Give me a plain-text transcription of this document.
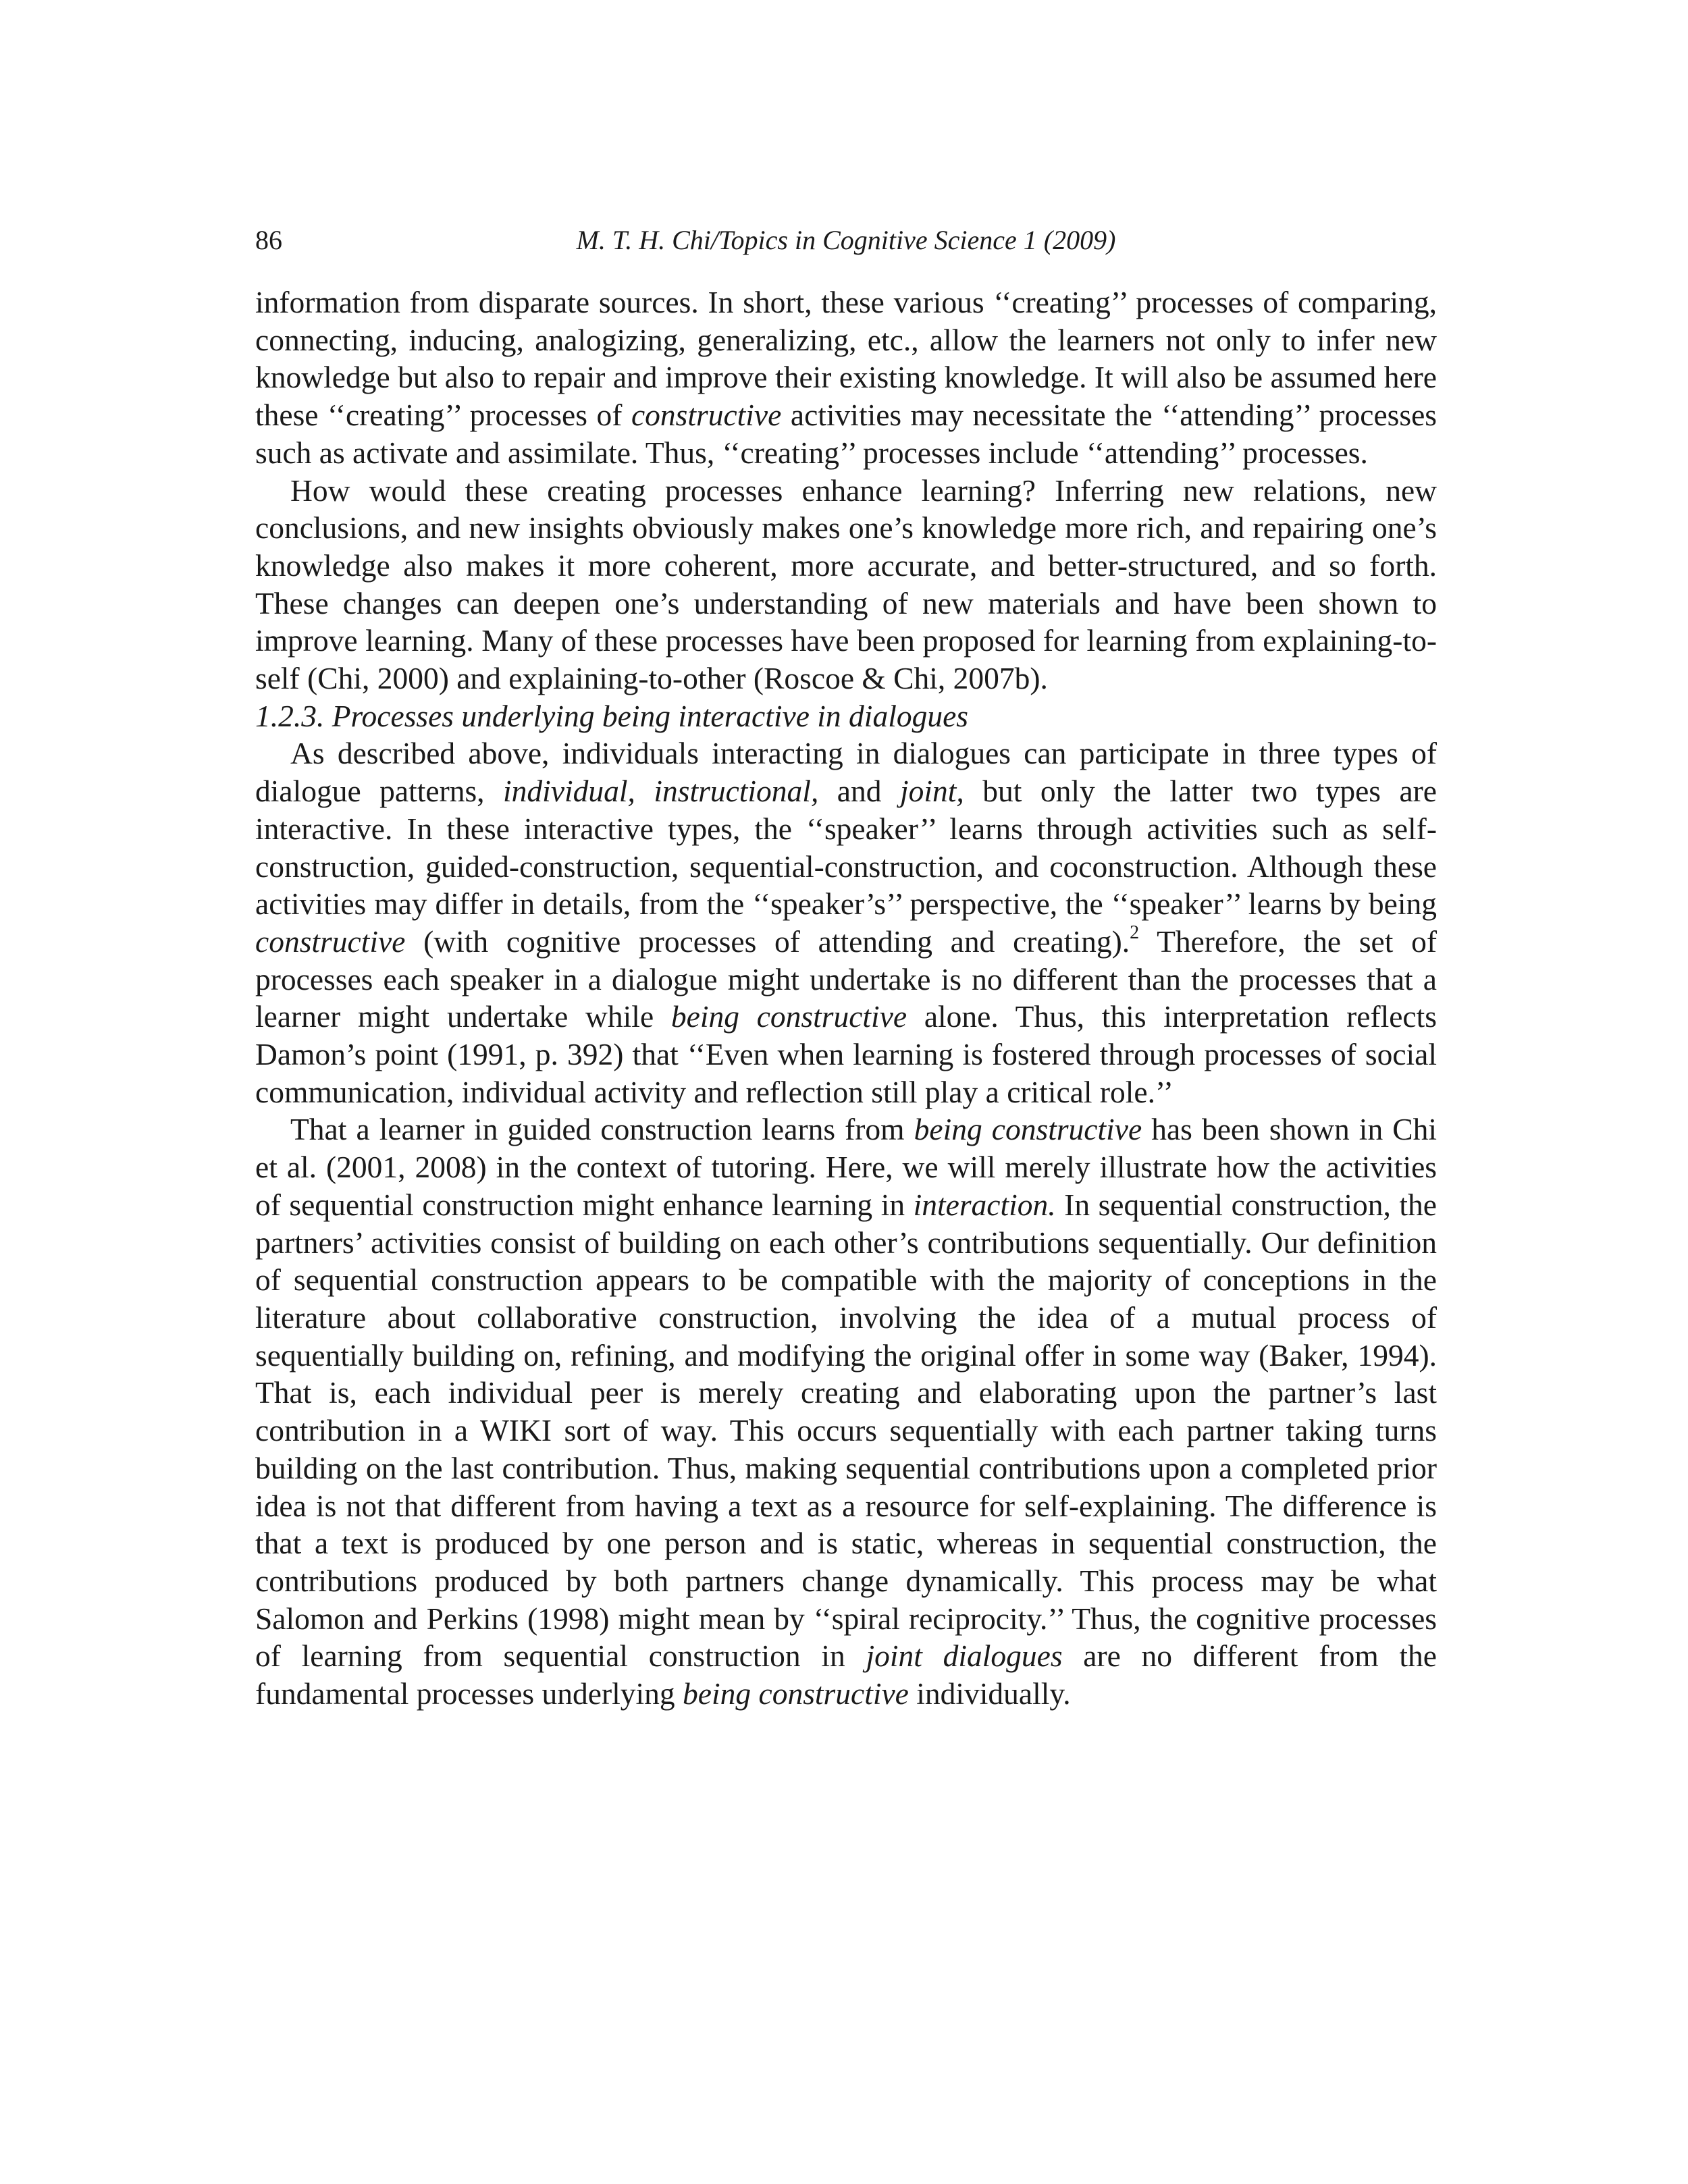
86	M. T. H. Chi/Topics in Cognitive Science 1 (2009)

information from disparate sources. In short, these various ‘‘creating’’ processes of comparing, connecting, inducing, analogizing, generalizing, etc., allow the learners not only to infer new knowledge but also to repair and improve their existing knowledge. It will also be assumed here these ‘‘creating’’ processes of constructive activities may necessitate the ‘‘attending’’ processes such as activate and assimilate. Thus, ‘‘creating’’ processes include ‘‘attending’’ processes.

How would these creating processes enhance learning? Inferring new relations, new conclusions, and new insights obviously makes one’s knowledge more rich, and repairing one’s knowledge also makes it more coherent, more accurate, and better-structured, and so forth. These changes can deepen one’s understanding of new materials and have been shown to improve learning. Many of these processes have been proposed for learning from explaining-to-self (Chi, 2000) and explaining-to-other (Roscoe & Chi, 2007b).

1.2.3. Processes underlying being interactive in dialogues

As described above, individuals interacting in dialogues can participate in three types of dialogue patterns, individual, instructional, and joint, but only the latter two types are interactive. In these interactive types, the ‘‘speaker’’ learns through activities such as self-construction, guided-construction, sequential-construction, and coconstruction. Although these activities may differ in details, from the ‘‘speaker’s’’ perspective, the ‘‘speaker’’ learns by being constructive (with cognitive processes of attending and creating).$^2$ Therefore, the set of processes each speaker in a dialogue might undertake is no different than the processes that a learner might undertake while being constructive alone. Thus, this interpretation reflects Damon’s point (1991, p. 392) that ‘‘Even when learning is fostered through processes of social communication, individual activity and reflection still play a critical role.’’

That a learner in guided construction learns from being constructive has been shown in Chi et al. (2001, 2008) in the context of tutoring. Here, we will merely illustrate how the activities of sequential construction might enhance learning in interaction. In sequential construction, the partners’ activities consist of building on each other’s contributions sequentially. Our definition of sequential construction appears to be compatible with the majority of conceptions in the literature about collaborative construction, involving the idea of a mutual process of sequentially building on, refining, and modifying the original offer in some way (Baker, 1994). That is, each individual peer is merely creating and elaborating upon the partner’s last contribution in a WIKI sort of way. This occurs sequentially with each partner taking turns building on the last contribution. Thus, making sequential contributions upon a completed prior idea is not that different from having a text as a resource for self-explaining. The difference is that a text is produced by one person and is static, whereas in sequential construction, the contributions produced by both partners change dynamically. This process may be what Salomon and Perkins (1998) might mean by ‘‘spiral reciprocity.’’ Thus, the cognitive processes of learning from sequential construction in joint dialogues are no different from the fundamental processes underlying being constructive individually.
